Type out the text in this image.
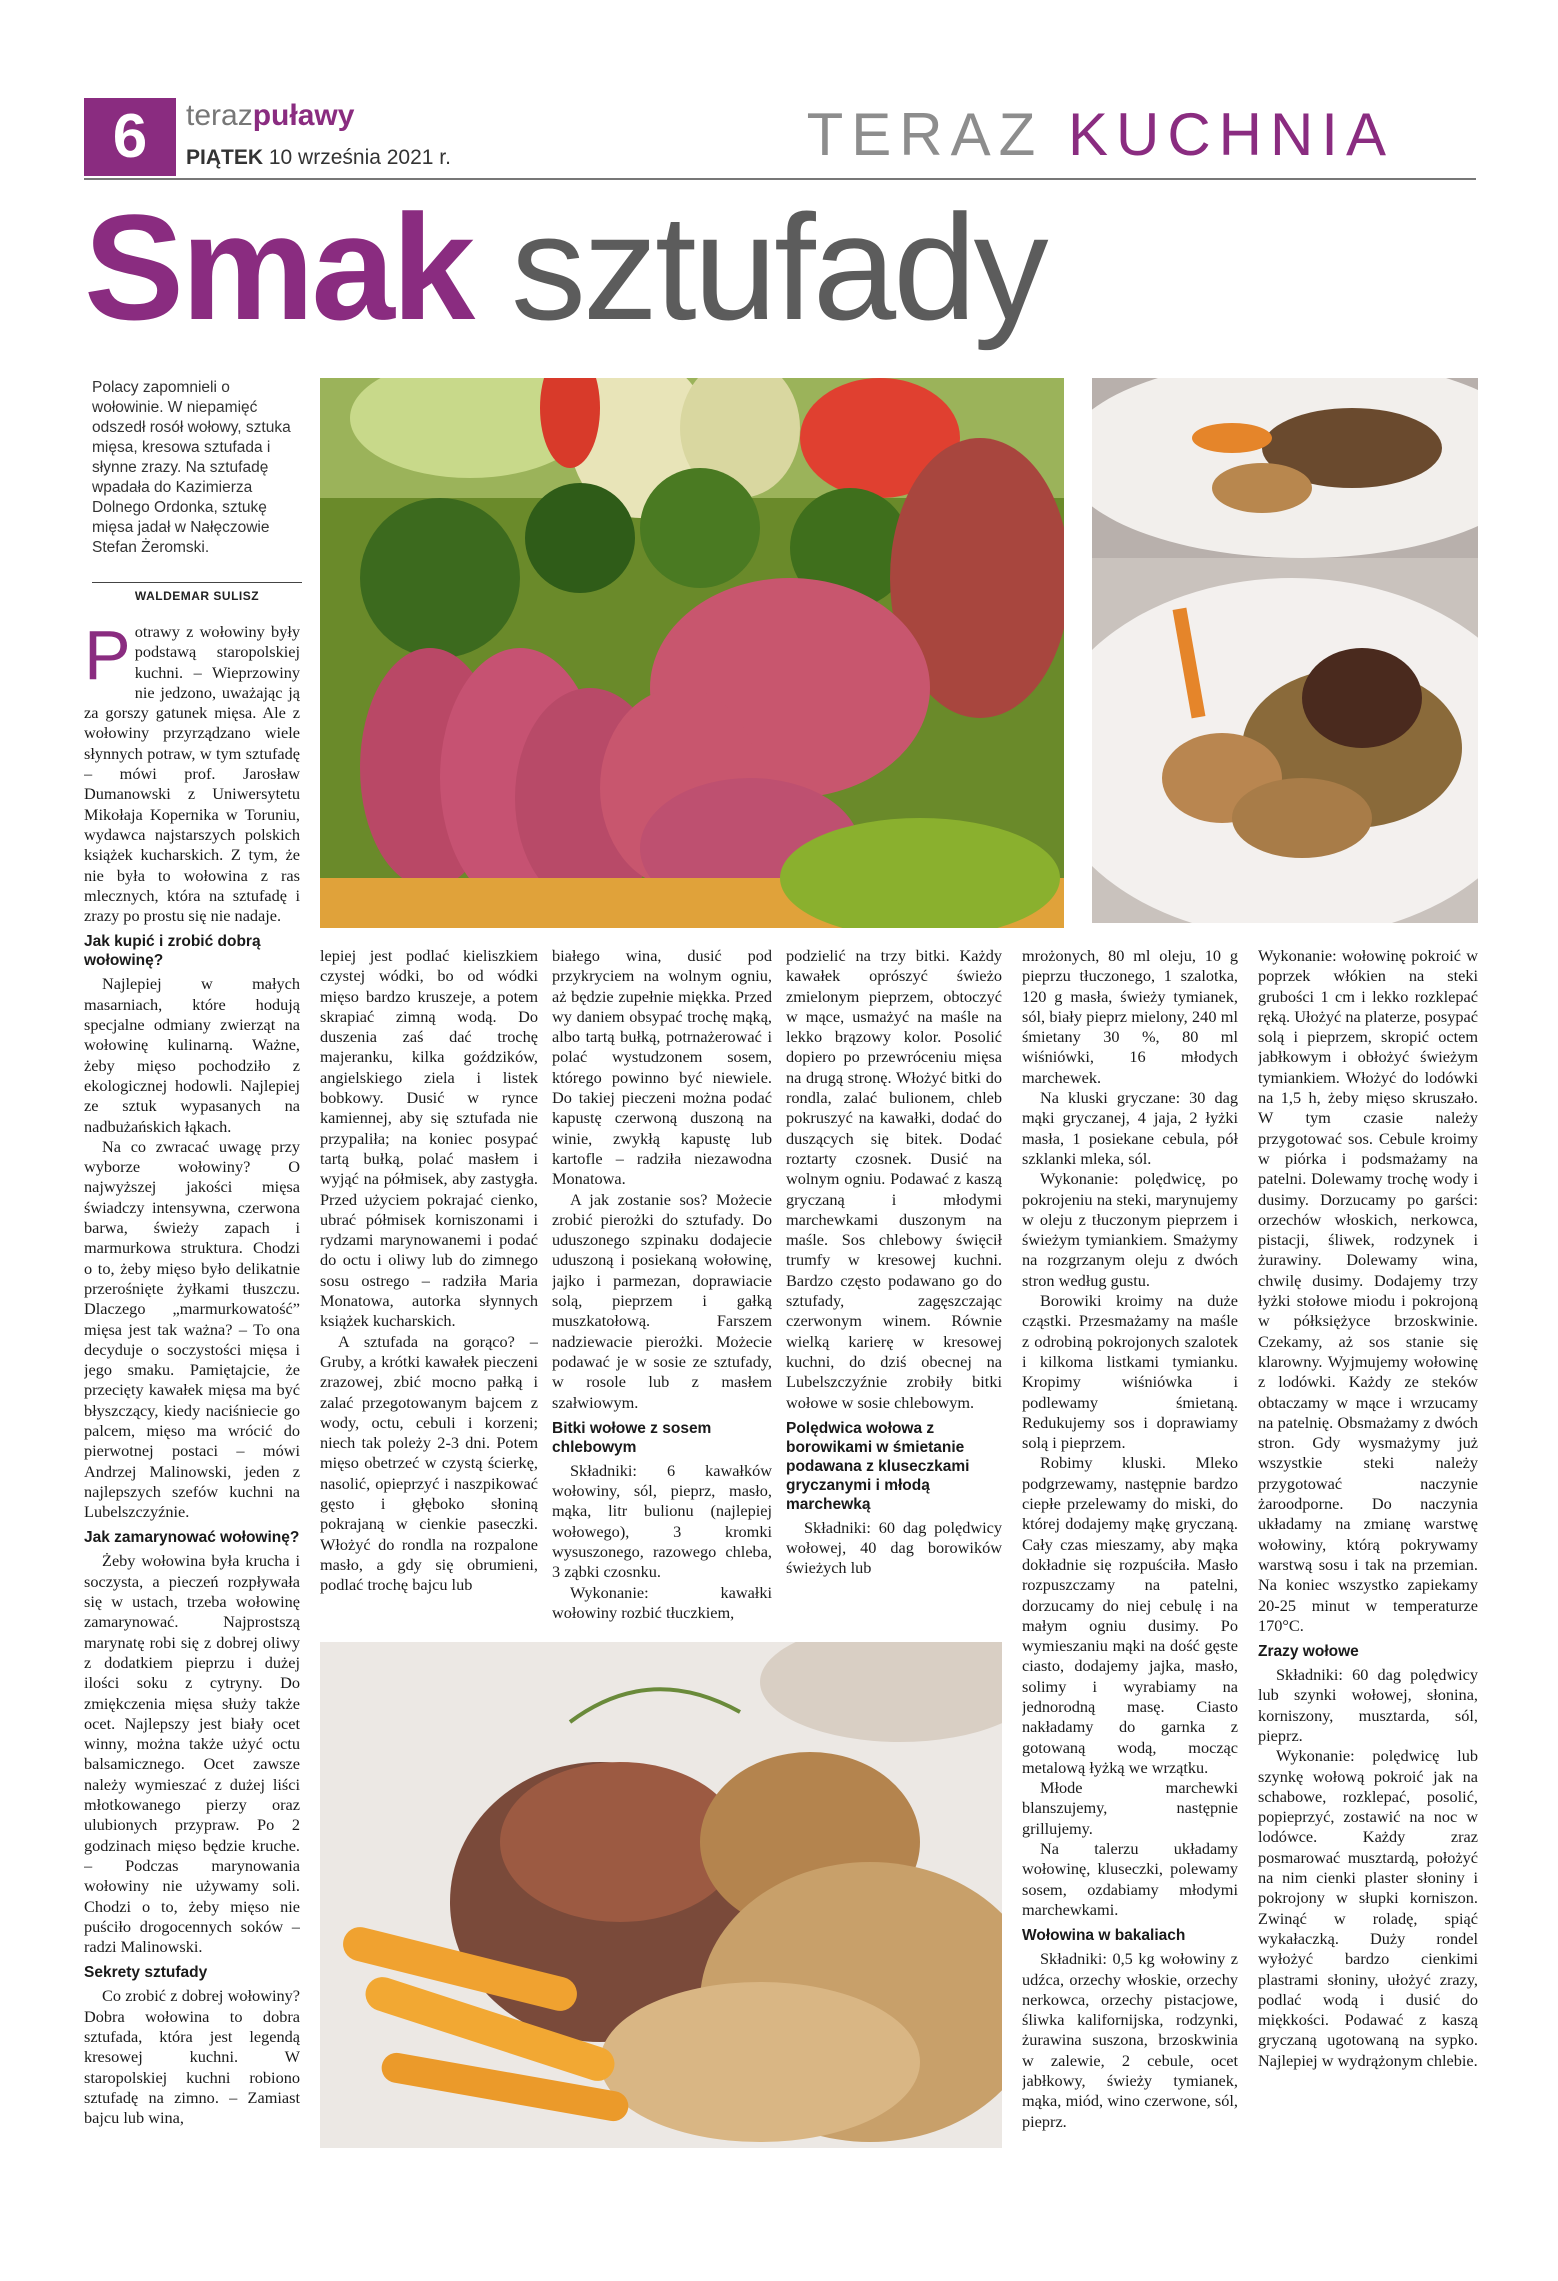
6	terazpuławy
PIĄTEK 10 września 2021 r.	TERAZ KUCHNIA
Smak sztufady
Polacy zapomnieli o wołowinie. W niepamięć odszedł rosół wołowy, sztuka mięsa, kresowa sztufada i słynne zrazy. Na sztufadę wpadała do Kazimierza Dolnego Ordonka, sztukę mięsa jadał w Nałęczowie Stefan Żeromski.
WALDEMAR SULISZ
P otrawy z wołowiny były podstawą staropolskiej kuchni. – Wieprzowiny nie jedzono, uważając ją za gorszy gatunek mięsa. Ale z wołowiny przyrządzano wiele słynnych potraw, w tym sztufadę – mówi prof. Jarosław Dumanowski z Uniwersytetu Mikołaja Kopernika w Toruniu, wydawca najstarszych polskich książek kucharskich. Z tym, że nie była to wołowina z ras mlecznych, która na sztufadę i zrazy po prostu się nie nadaje.

Jak kupić i zrobić dobrą wołowinę?

Najlepiej w małych masarniach, które hodują specjalne odmiany zwierząt na wołowinę kulinarną. Ważne, żeby mięso pochodziło z ekologicznej hodowli. Najlepiej ze sztuk wypasanych na nadbużańskich łąkach.

Na co zwracać uwagę przy wyborze wołowiny? O najwyższej jakości mięsa świadczy intensywna, czerwona barwa, świeży zapach i marmurkowa struktura. Chodzi o to, żeby mięso było delikatnie przerośnięte żyłkami tłuszczu. Dlaczego „marmurkowatość” mięsa jest tak ważna? – To ona decyduje o soczystości mięsa i jego smaku. Pamiętajcie, że przecięty kawałek mięsa ma być błyszczący, kiedy naciśniecie go palcem, mięso ma wrócić do pierwotnej postaci – mówi Andrzej Malinowski, jeden z najlepszych szefów kuchni na Lubelszczyźnie.

Jak zamarynować wołowinę?

Żeby wołowina była krucha i soczysta, a pieczeń rozpływała się w ustach, trzeba wołowinę zamarynować. Najprostszą marynatę robi się z dobrej oliwy z dodatkiem pieprzu i dużej ilości soku z cytryny. Do zmiękczenia mięsa służy także ocet. Najlepszy jest biały ocet winny, można także użyć octu balsamicznego. Ocet zawsze należy wymieszać z dużej liści młotkowanego pierzy oraz ulubionych przypraw. Po 2 godzinach mięso będzie kruche. – Podczas marynowania wołowiny nie używamy soli. Chodzi o to, żeby mięso nie puściło drogocennych soków – radzi Malinowski.

Sekrety sztufady

Co zrobić z dobrej wołowiny? Dobra wołowina to dobra sztufada, która jest legendą kresowej kuchni. W staropolskiej kuchni robiono sztufadę na zimno. – Zamiast bajcu lub wina,

lepiej jest podlać kieliszkiem czystej wódki, bo od wódki mięso bardzo kruszeje, a potem skrapiać zimną wodą. Do duszenia zaś dać trochę majeranku, kilka goździków, angielskiego ziela i listek bobkowy. Dusić w rynce kamiennej, aby się sztufada nie przypaliła; na koniec posypać tartą bułką, polać masłem i wyjąć na półmisek, aby zastygła. Przed użyciem pokrajać cienko, ubrać półmisek korniszonami i rydzami marynowanemi i podać do octu i oliwy lub do zimnego sosu ostrego – radziła Maria Monatowa, autorka słynnych książek kucharskich.

A sztufada na gorąco? – Gruby, a krótki kawałek pieczeni zrazowej, zbić mocno pałką i zalać przegotowanym bajcem z wody, octu, cebuli i korzeni; niech tak poleży 2-3 dni. Potem mięso obetrzeć w czystą ścierkę, nasolić, opieprzyć i naszpikować gęsto i głęboko słoniną pokrajaną w cienkie paseczki. Włożyć do rondla na rozpalone masło, a gdy się obrumieni, podlać trochę bajcu lub

białego wina, dusić pod przykryciem na wolnym ogniu, aż będzie zupełnie miękka. Przed wy daniem obsypać trochę mąką, albo tartą bułką, potrnażerować i polać wystudzonem sosem, którego powinno być niewiele. Do takiej pieczeni można podać kapustę czerwoną duszoną na winie, zwykłą kapustę lub kartofle – radziła niezawodna Monatowa.

A jak zostanie sos? Możecie zrobić pierożki do sztufady. Do uduszonego szpinaku dodajecie uduszoną i posiekaną wołowinę, jajko i parmezan, doprawiacie solą, pieprzem i gałką muszkatołową. Farszem nadziewacie pierożki. Możecie podawać je w sosie ze sztufady, w rosole lub z masłem szałwiowym.

Bitki wołowe z sosem chlebowym

Składniki: 6 kawałków wołowiny, sól, pieprz, masło, mąka, litr bulionu (najlepiej wołowego), 3 kromki wysuszonego, razowego chleba, 3 ząbki czosnku.

Wykonanie: kawałki wołowiny rozbić tłuczkiem,

podzielić na trzy bitki. Każdy kawałek oprószyć świeżo zmielonym pieprzem, obtoczyć w mące, usmażyć na maśle na lekko brązowy kolor. Posolić dopiero po przewróceniu mięsa na drugą stronę. Włożyć bitki do rondla, zalać bulionem, chleb pokruszyć na kawałki, dodać do duszących się bitek. Dodać roztarty czosnek. Dusić na wolnym ogniu. Podawać z kaszą gryczaną i młodymi marchewkami duszonym na maśle. Sos chlebowy święcił trumfy w kresowej kuchni. Bardzo często podawano go do sztufady, zagęszczając czerwonym winem. Równie wielką karierę w kresowej kuchni, do dziś obecnej na Lubelszczyźnie zrobiły bitki wołowe w sosie chlebowym.

Polędwica wołowa z borowikami w śmietanie podawana z kluseczkami gryczanymi i młodą marchewką

Składniki: 60 dag polędwicy wołowej, 40 dag borowików świeżych lub

mrożonych, 80 ml oleju, 10 g pieprzu tłuczonego, 1 szalotka, 120 g masła, świeży tymianek, sól, biały pieprz mielony, 240 ml śmietany 30 %, 80 ml wiśniówki, 16 młodych marchewek.

Na kluski gryczane: 30 dag mąki gryczanej, 4 jaja, 2 łyżki masła, 1 posiekane cebula, pół szklanki mleka, sól.

Wykonanie: polędwicę, po pokrojeniu na steki, marynujemy w oleju z tłuczonym pieprzem i świeżym tymiankiem. Smażymy na rozgrzanym oleju z dwóch stron według gustu.

Borowiki kroimy na duże cząstki. Przesmażamy na maśle z odrobiną pokrojonych szalotek i kilkoma listkami tymianku. Kropimy wiśniówka i podlewamy śmietaną. Redukujemy sos i doprawiamy solą i pieprzem.

Robimy kluski. Mleko podgrzewamy, następnie bardzo ciepłe przelewamy do miski, do której dodajemy mąkę gryczaną. Cały czas mieszamy, aby mąka dokładnie się rozpuściła. Masło rozpuszczamy na patelni, dorzucamy do niej cebulę i na małym ogniu dusimy. Po wymieszaniu mąki na dość gęste ciasto, dodajemy jajka, masło, solimy i wyrabiamy na jednorodną masę. Ciasto nakładamy do garnka z gotowaną wodą, mocząc metalową łyżką we wrzątku.

Młode marchewki blanszujemy, następnie grillujemy.

Na talerzu układamy wołowinę, kluseczki, polewamy sosem, ozdabiamy młodymi marchewkami.

Wołowina w bakaliach

Składniki: 0,5 kg wołowiny z udźca, orzechy włoskie, orzechy nerkowca, orzechy pistacjowe, śliwka kalifornijska, rodzynki, żurawina suszona, brzoskwinia w zalewie, 2 cebule, ocet jabłkowy, świeży tymianek, mąka, miód, wino czerwone, sól, pieprz.

Wykonanie: wołowinę pokroić w poprzek włókien na steki grubości 1 cm i lekko rozklepać ręką. Ułożyć na platerze, posypać solą i pieprzem, skropić octem jabłkowym i obłożyć świeżym tymiankiem. Włożyć do lodówki na 1,5 h, żeby mięso skruszało. W tym czasie należy przygotować sos. Cebule kroimy w piórka i podsmażamy na patelni. Dolewamy trochę wody i dusimy. Dorzucamy po garści: orzechów włoskich, nerkowca, pistacji, śliwek, rodzynek i żurawiny. Dolewamy wina, chwilę dusimy. Dodajemy trzy łyżki stołowe miodu i pokrojoną w półksiężyce brzoskwinie. Czekamy, aż sos stanie się klarowny. Wyjmujemy wołowinę z lodówki. Każdy ze steków obtaczamy w mące i wrzucamy na patelnię. Obsmażamy z dwóch stron. Gdy wysmażymy już wszystkie steki należy przygotować naczynie żaroodporne. Do naczynia układamy na zmianę warstwę wołowiny, którą pokrywamy warstwą sosu i tak na przemian. Na koniec wszystko zapiekamy 20-25 minut w temperaturze 170°C.

Zrazy wołowe

Składniki: 60 dag polędwicy lub szynki wołowej, słonina, korniszony, musztarda, sól, pieprz.

Wykonanie: polędwicę lub szynkę wołową pokroić jak na schabowe, rozklepać, posolić, popieprzyć, zostawić na noc w lodówce. Każdy zraz posmarować musztardą, położyć na nim cienki plaster słoniny i pokrojony w słupki korniszon. Zwinąć w roladę, spiąć wykałaczką. Duży rondel wyłożyć bardzo cienkimi plastrami słoniny, ułożyć zrazy, podlać wodą i dusić do miękkości. Podawać z kaszą gryczaną ugotowaną na sypko. Najlepiej w wydrążonym chlebie.
